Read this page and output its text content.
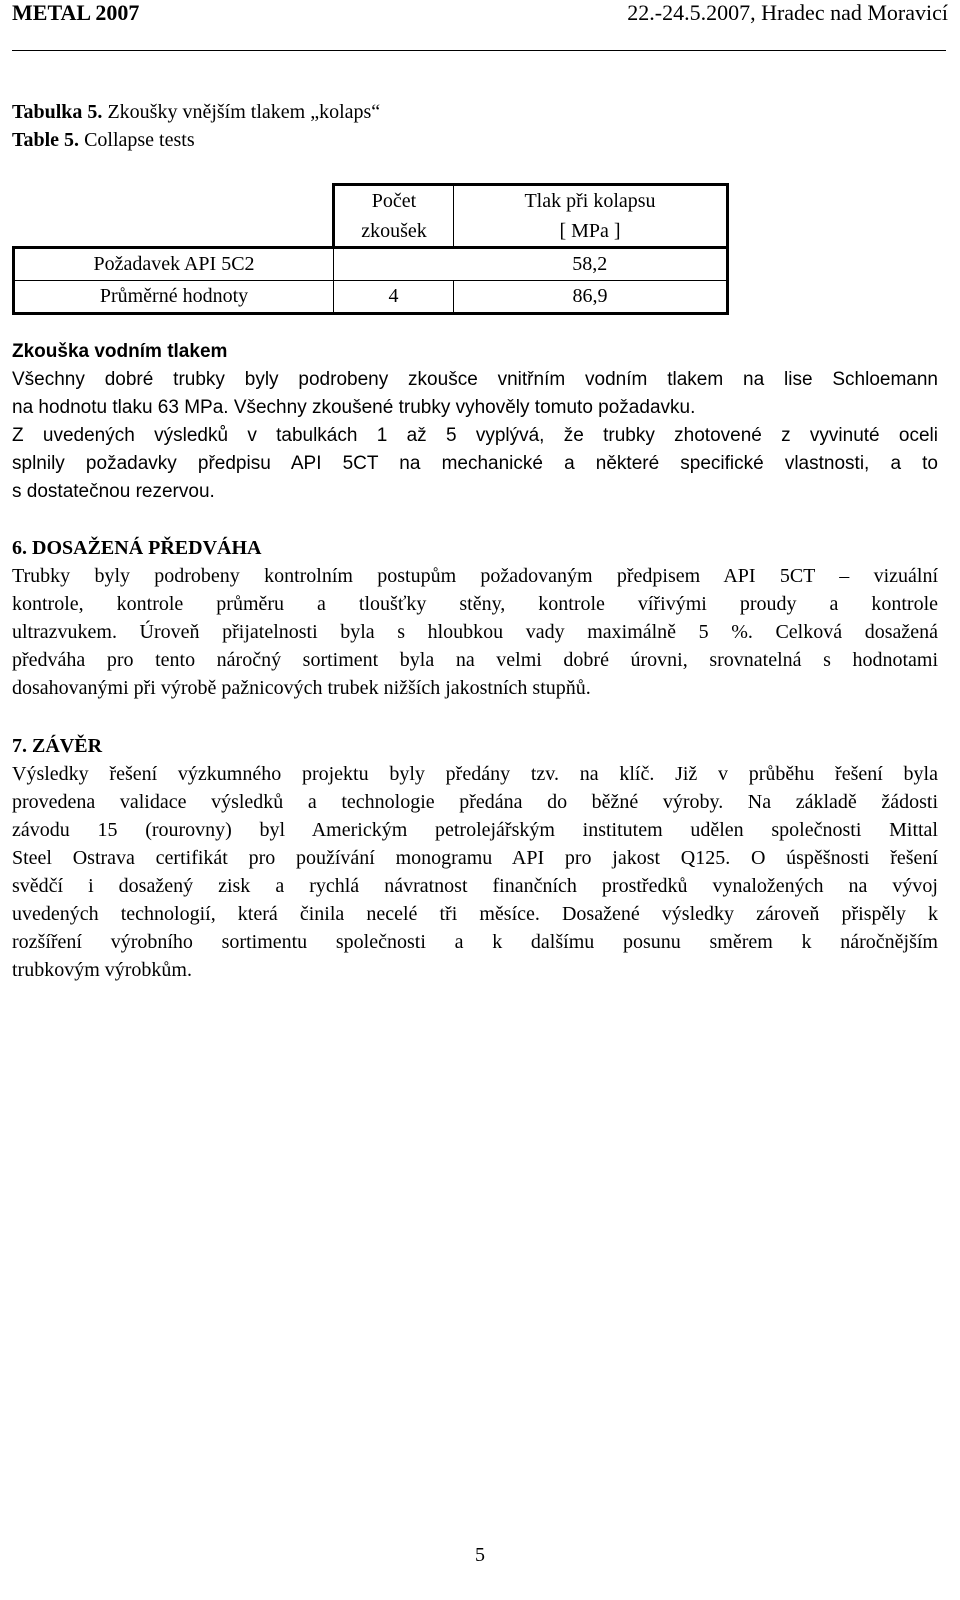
METAL 2007	22.-24.5.2007, Hradec nad Moravicí
Tabulka 5. Zkoušky vnějším tlakem „kolaps“
Table 5. Collapse tests
	Počet	Tlak při kolapsu
	zkoušek	[ MPa ]
Požadavek API 5C2		58,2
Průměrné hodnoty	4	86,9
Zkouška vodním tlakem
Všechny dobré trubky byly podrobeny zkoušce vnitřním vodním tlakem na lise Schloemann
na hodnotu tlaku 63 MPa. Všechny zkoušené trubky vyhověly tomuto požadavku.
Z uvedených výsledků v tabulkách 1 až 5 vyplývá, že trubky zhotovené z vyvinuté oceli
splnily požadavky předpisu API 5CT na mechanické a některé specifické vlastnosti, a to
s dostatečnou rezervou.
6. DOSAŽENÁ PŘEDVÁHA
Trubky byly podrobeny kontrolním postupům požadovaným předpisem API 5CT – vizuální
kontrole, kontrole průměru a tloušťky stěny, kontrole vířivými proudy a kontrole
ultrazvukem. Úroveň přijatelnosti byla s hloubkou vady maximálně 5 %. Celková dosažená
předváha pro tento náročný sortiment byla na velmi dobré úrovni, srovnatelná s hodnotami
dosahovanými při výrobě pažnicových trubek nižších jakostních stupňů.
7. ZÁVĚR
Výsledky řešení výzkumného projektu byly předány tzv. na klíč. Již v průběhu řešení byla
provedena validace výsledků a technologie předána do běžné výroby. Na základě žádosti
závodu 15 (rourovny) byl Americkým petrolejářským institutem udělen společnosti Mittal
Steel Ostrava certifikát pro používání monogramu API pro jakost Q125. O úspěšnosti řešení
svědčí i dosažený zisk a rychlá návratnost finančních prostředků vynaložených na vývoj
uvedených technologií, která činila necelé tři měsíce. Dosažené výsledky zároveň přispěly k
rozšíření výrobního sortimentu společnosti a k dalšímu posunu směrem k náročnějším
trubkovým výrobkům.
5
